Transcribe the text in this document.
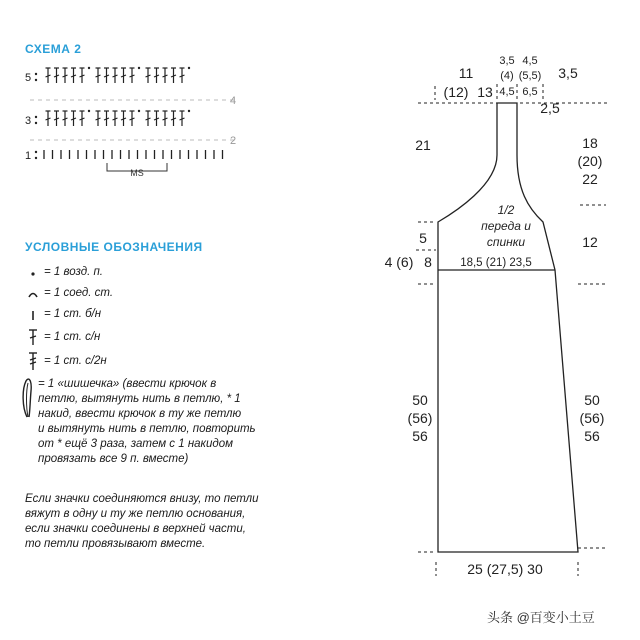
СХЕМА 2
5
4
3
2
1
MS
УСЛОВНЫЕ ОБОЗНАЧЕНИЯ
= 1 возд. п.
= 1 соед. ст.
= 1 ст. б/н
= 1 ст. с/н
= 1 ст. с/2н
= 1 «шишечка» (ввести крючок в
петлю, вытянуть нить в петлю, * 1
накид, ввести крючок в ту же петлю
и вытянуть нить в петлю, повторить
от * ещё 3 раза, затем с 1 накидом
провязать все 9 п. вместе)
Если значки соединяются внизу, то петли
вяжут в одну и ту же петлю основания,
если значки соединены в верхней части,
то петли провязывают вместе.
11
(12) 13
3,5
(4)
4,5
4,5
(5,5)
6,5
3,5
2,5
21	18
(20)
22
1/2
переда и
спинки
5	12
4 (6) 8 18,5 (21) 23,5
50
(56)
56
50
(56)
56
25 (27,5) 30
头条 @百变小土豆
